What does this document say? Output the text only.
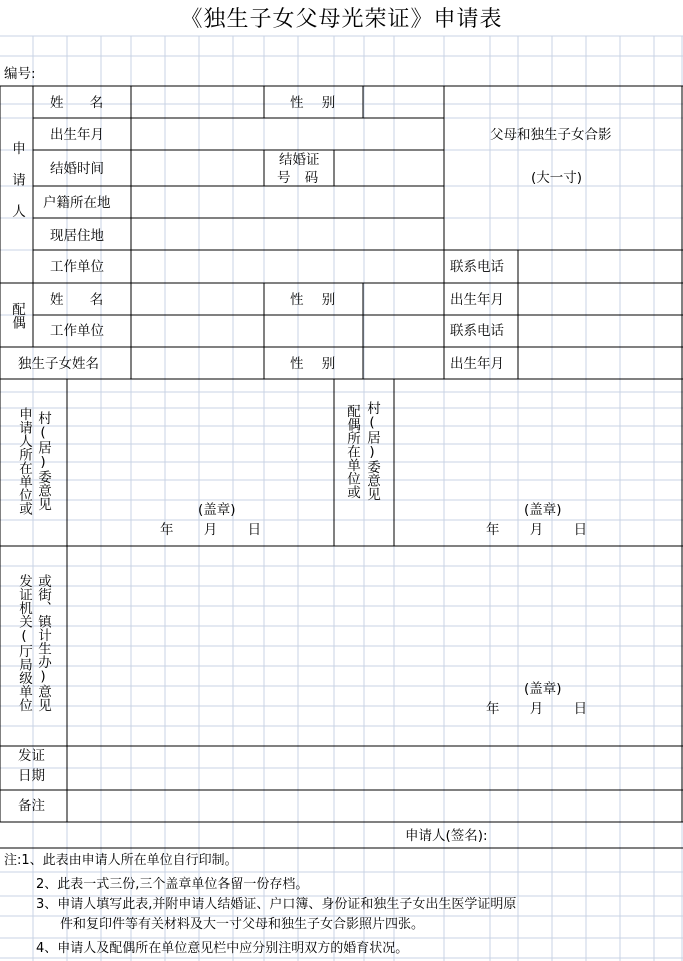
《独生子女父母光荣证》申请表
编号:
申请人
姓 名	性 别
出生年月
结婚时间
结婚证
号 码
户籍所在地
现居住地
工作单位	联系电话
父母和独生子女合影
(大一寸)
配偶
姓 名	性 别	出生年月
工作单位	联系电话
独生子女姓名	性 别	出生年月
申请人所在单位或 村(居)委意见	(盖章)
年 月 日
配偶所在单位或 村(居)委意见
(盖章)
年 月 日
发证机关(厅局级单位 或街、镇计生办)意见	(盖章)
年 月 日
发证
日期
备注
申请人(签名):
注:1、此表由申请人所在单位自行印制。
2、此表一式三份,三个盖章单位各留一份存档。
3、申请人填写此表,并附申请人结婚证、户口簿、身份证和独生子女出生医学证明原
件和复印件等有关材料及大一寸父母和独生子女合影照片四张。
4、申请人及配偶所在单位意见栏中应分别注明双方的婚育状况。
